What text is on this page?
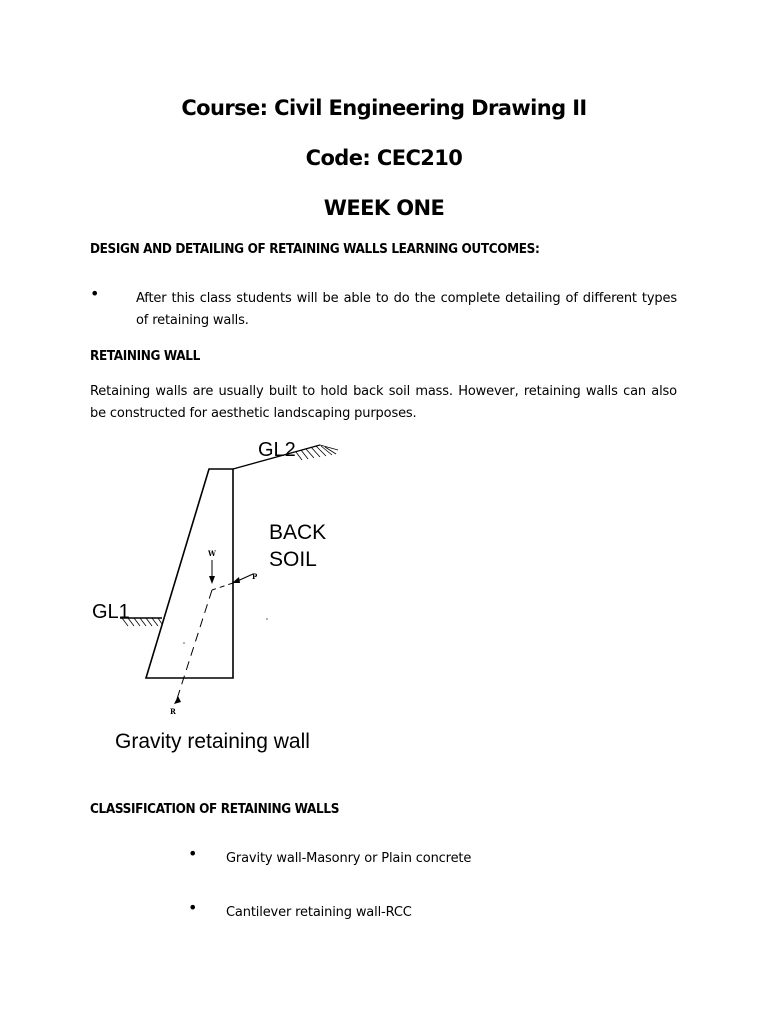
Course: Civil Engineering Drawing II
Code: CEC210
WEEK ONE
DESIGN AND DETAILING OF RETAINING WALLS LEARNING OUTCOMES:
•	After this class students will be able to do the complete detailing of different types of retaining walls.
RETAINING WALL
Retaining walls are usually built to hold back soil mass. However, retaining walls can also be constructed for aesthetic landscaping purposes.
GL2
BACK
SOIL
GL1
W
P
R
Gravity retaining wall
CLASSIFICATION OF RETAINING WALLS
• Gravity wall-Masonry or Plain concrete
• Cantilever retaining wall-RCC
